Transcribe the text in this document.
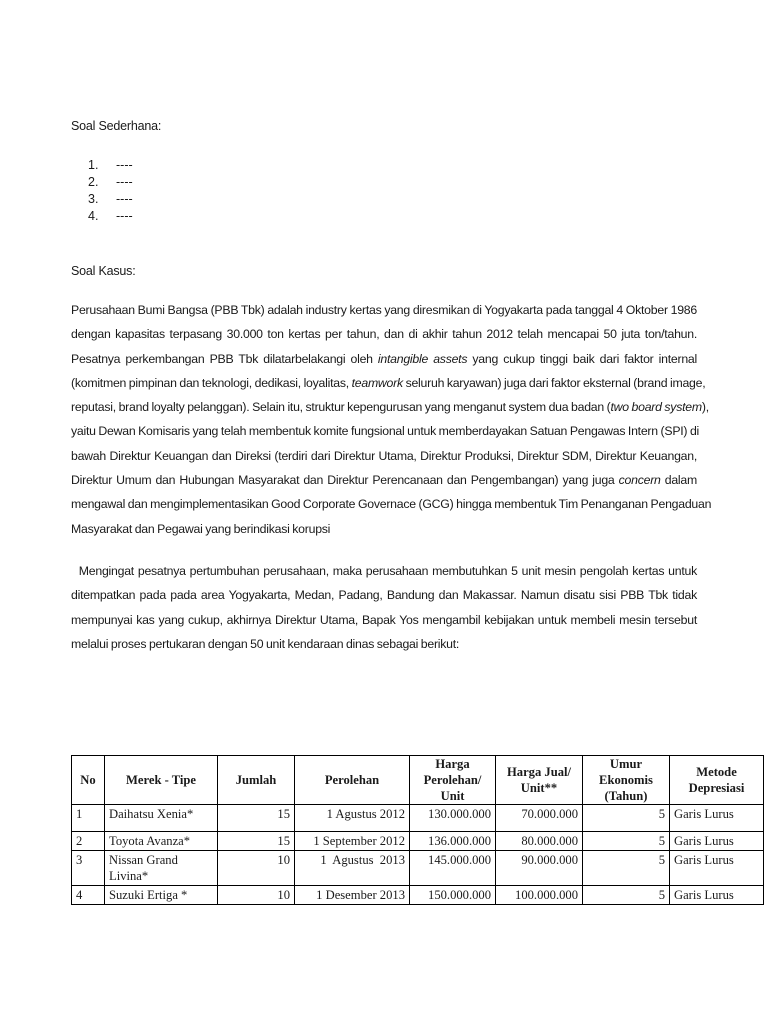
Soal Sederhana:
1.	----
2.	----
3.	----
4.	----
Soal Kasus:

Perusahaan Bumi Bangsa (PBB Tbk) adalah industry kertas yang diresmikan di Yogyakarta pada tanggal 4 Oktober 1986
dengan kapasitas terpasang 30.000 ton kertas per tahun, dan di akhir tahun 2012 telah mencapai 50 juta ton/tahun.
Pesatnya perkembangan PBB Tbk dilatarbelakangi oleh intangible assets yang cukup tinggi baik dari faktor internal
(komitmen pimpinan dan teknologi, dedikasi, loyalitas, teamwork seluruh karyawan) juga dari faktor eksternal (brand image,
reputasi, brand loyalty pelanggan). Selain itu, struktur kepengurusan yang menganut system dua badan (two board system),
yaitu Dewan Komisaris yang telah membentuk komite fungsional untuk memberdayakan Satuan Pengawas Intern (SPI) di
bawah Direktur Keuangan dan Direksi (terdiri dari Direktur Utama, Direktur Produksi, Direktur SDM, Direktur Keuangan,
Direktur Umum dan Hubungan Masyarakat dan Direktur Perencanaan dan Pengembangan) yang juga concern dalam
mengawal dan mengimplementasikan Good Corporate Governace (GCG) hingga membentuk Tim Penanganan Pengaduan
Masyarakat dan Pegawai yang berindikasi korupsi

Mengingat pesatnya pertumbuhan perusahaan, maka perusahaan membutuhkan 5 unit mesin pengolah kertas untuk
ditempatkan pada pada area Yogyakarta, Medan, Padang, Bandung dan Makassar. Namun disatu sisi PBB Tbk tidak
mempunyai kas yang cukup, akhirnya Direktur Utama, Bapak Yos mengambil kebijakan untuk membeli mesin tersebut
melalui proses pertukaran dengan 50 unit kendaraan dinas sebagai berikut:

No	Merek - Tipe	Jumlah	Perolehan	Harga Perolehan/ Unit	Harga Jual/ Unit**	Umur Ekonomis (Tahun)	Metode Depresiasi
1	Daihatsu Xenia*	15	1 Agustus 2012	130.000.000	70.000.000	5	Garis Lurus
2	Toyota Avanza*	15	1 September 2012	136.000.000	80.000.000	5	Garis Lurus
3	Nissan Grand Livina*	10	1  Agustus  2013	145.000.000	90.000.000	5	Garis Lurus
4	Suzuki Ertiga *	10	1 Desember 2013	150.000.000	100.000.000	5	Garis Lurus
